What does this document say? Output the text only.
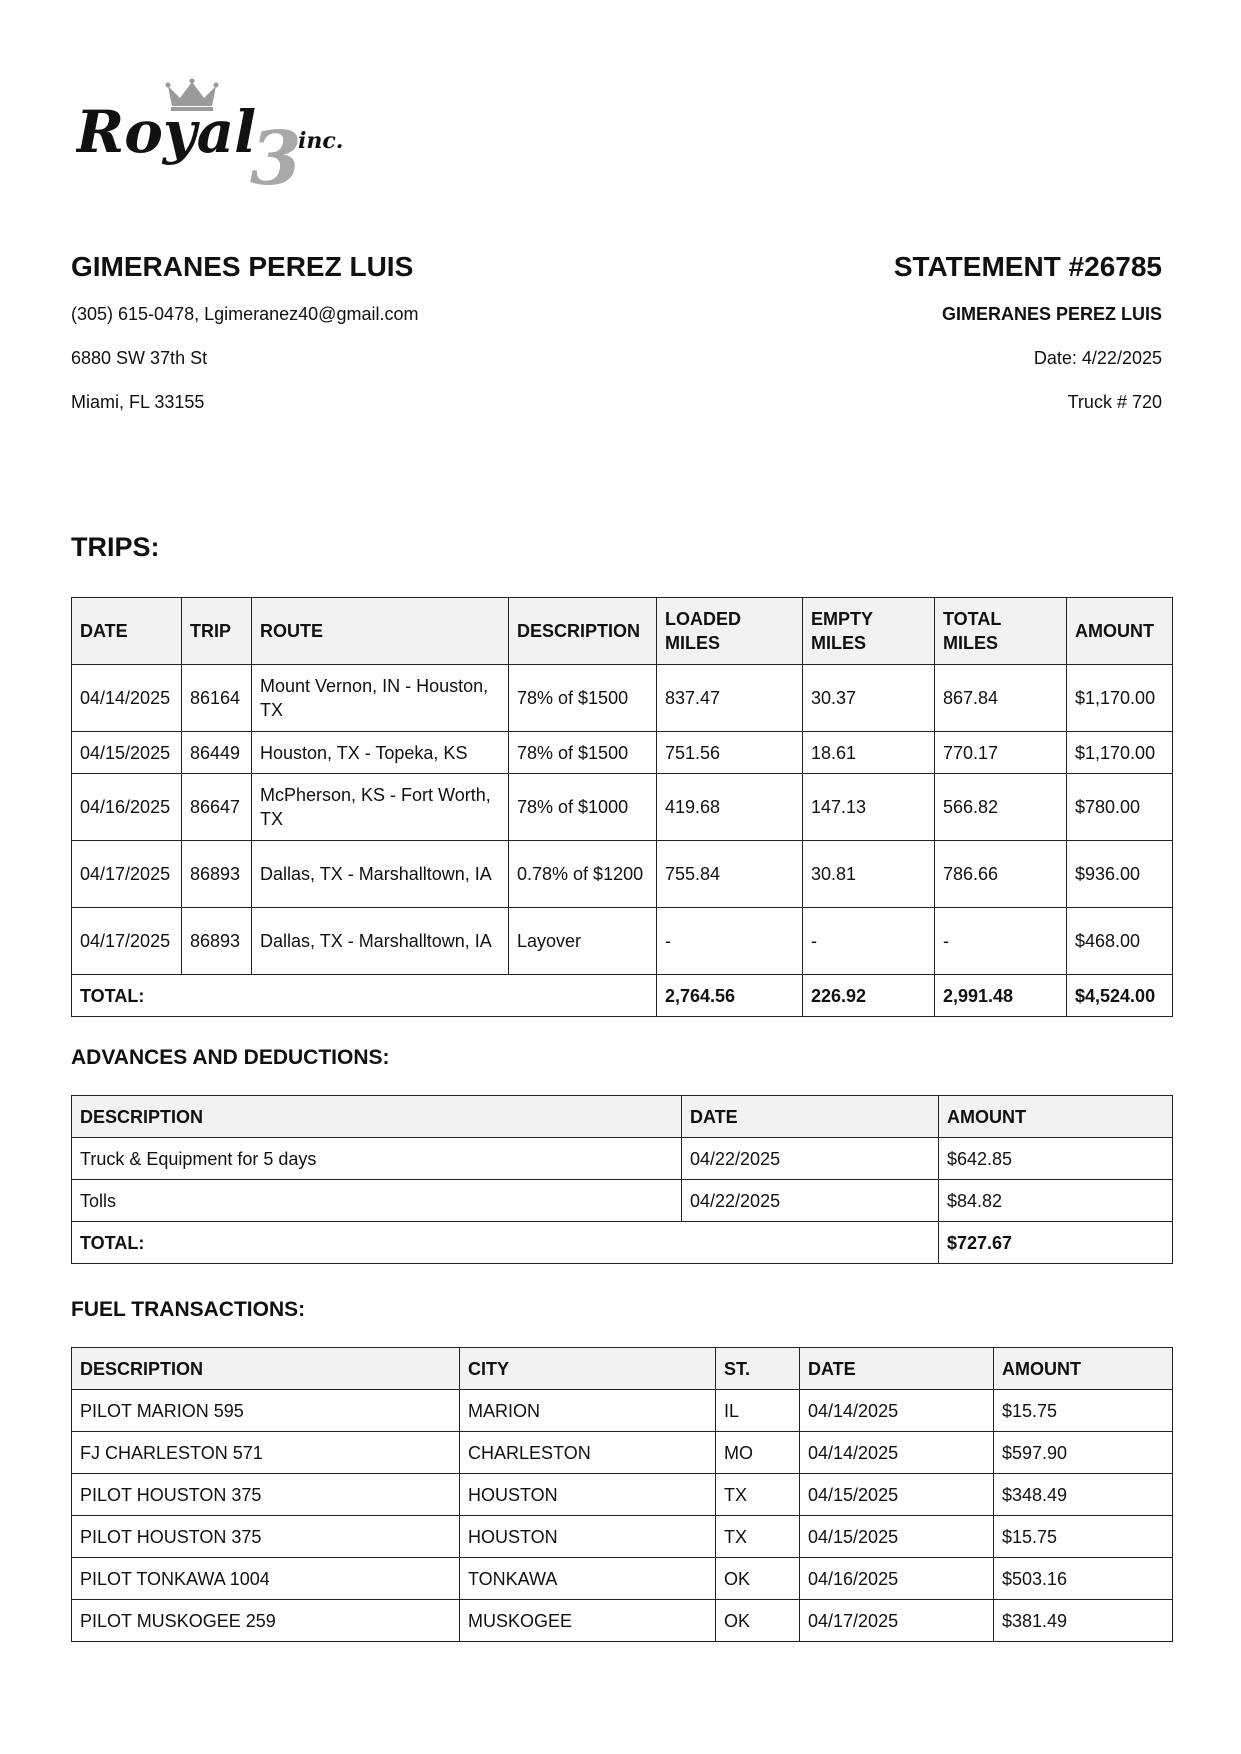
3
Royal inc.
GIMERANES PEREZ LUIS
(305) 615-0478, Lgimeranez40@gmail.com
6880 SW 37th St
Miami, FL 33155
STATEMENT #26785
GIMERANES PEREZ LUIS
Date: 4/22/2025
Truck # 720
TRIPS:
DATE	TRIP	ROUTE	DESCRIPTION	LOADED MILES	EMPTY MILES	TOTAL MILES	AMOUNT
04/14/2025	86164	Mount Vernon, IN - Houston, TX	78% of $1500	837.47	30.37	867.84	$1,170.00
04/15/2025	86449	Houston, TX - Topeka, KS	78% of $1500	751.56	18.61	770.17	$1,170.00
04/16/2025	86647	McPherson, KS - Fort Worth, TX	78% of $1000	419.68	147.13	566.82	$780.00
04/17/2025	86893	Dallas, TX - Marshalltown, IA	0.78% of $1200	755.84	30.81	786.66	$936.00
04/17/2025	86893	Dallas, TX - Marshalltown, IA	Layover	-	-	-	$468.00
TOTAL:				2,764.56	226.92	2,991.48	$4,524.00
ADVANCES AND DEDUCTIONS:
DESCRIPTION	DATE	AMOUNT
Truck & Equipment for 5 days	04/22/2025	$642.85
Tolls	04/22/2025	$84.82
TOTAL:		$727.67
FUEL TRANSACTIONS:
DESCRIPTION	CITY	ST.	DATE	AMOUNT
PILOT MARION 595	MARION	IL	04/14/2025	$15.75
FJ CHARLESTON 571	CHARLESTON	MO	04/14/2025	$597.90
PILOT HOUSTON 375	HOUSTON	TX	04/15/2025	$348.49
PILOT HOUSTON 375	HOUSTON	TX	04/15/2025	$15.75
PILOT TONKAWA 1004	TONKAWA	OK	04/16/2025	$503.16
PILOT MUSKOGEE 259	MUSKOGEE	OK	04/17/2025	$381.49
